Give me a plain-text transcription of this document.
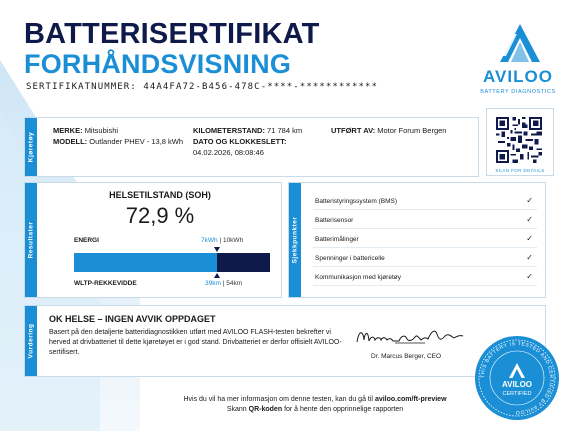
BATTERISERTIFIKAT
FORHÅNDSVISNING
SERTIFIKATNUMMER: 44A4FA72-B456-478C-****-************
AVILOO
BATTERY DIAGNOSTICS
Kjøretøy
MERKE: Mitsubishi
MODELL: Outlander PHEV - 13,8 kWh
KILOMETERSTAND: 71 784 km
DATO OG KLOKKESLETT:
04.02.2026, 08:08:46
UTFØRT AV: Motor Forum Bergen
SCAN FOR DETAILS
Resultater
HELSETILSTAND (SOH)
72,9 %
ENERGI	7kWh | 10kWh
WLTP-REKKEVIDDE	39km | 54km
Sjekkpunkter
Batteristyringssystem (BMS)	✓
Batterisensor	✓
Batterimålinger	✓
Spenninger i battericelle	✓
Kommunikasjon med kjøretøy	✓
Vurdering
OK HELSE – INGEN AVVIK OPPDAGET
Basert på den detaljerte batteridiagnostikken utført med AVILOO FLASH-testen bekrefter vi herved at drivbatteriet til dette kjøretøyet er i god stand. Drivbatteriet er derfor offisielt AVILOO-sertifisert.
Dr. Marcus Berger, CEO
THIS BATTERY IS TESTED AND CERTIFIED BY AVILOO
AVILOO
CERTIFIED
Hvis du vil ha mer informasjon om denne testen, kan du gå til aviloo.com/ft-preview
Skann QR-koden for å hente den opprinnelige rapporten
